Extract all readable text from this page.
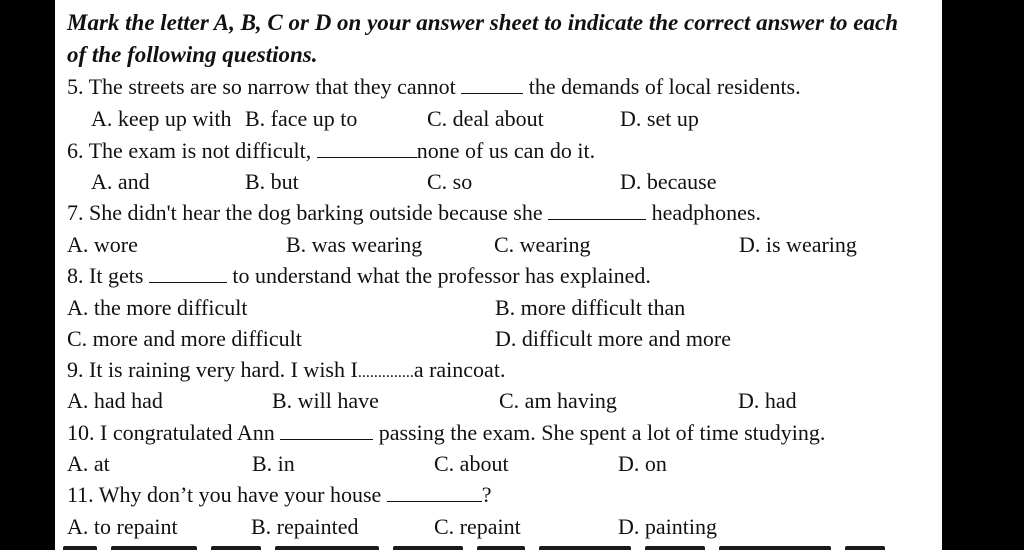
Mark the letter A, B, C or D on your answer sheet to indicate the correct answer to each
of the following questions.
5. The streets are so narrow that they cannot	the demands of local residents.
A. keep up with B. face up to	C. deal about	D. set up
6. The exam is not difficult,	none of us can do it.
A. and	B. but	C. so	D. because
7. She didn't hear the dog barking outside because she	headphones.
A. wore	B. was wearing	C. wearing	D. is wearing
8. It gets	to understand what the professor has explained.
A. the more difficult	B. more difficult than
C. more and more difficult	D. difficult more and more
9. It is raining very hard. I wish I..............a raincoat.
A. had had	B. will have	C. am having	D. had
10. I congratulated Ann	passing the exam. She spent a lot of time studying.
A. at	B. in	C. about	D. on
11. Why don’t you have your house	?
A. to repaint	B. repainted	C. repaint	D. painting
